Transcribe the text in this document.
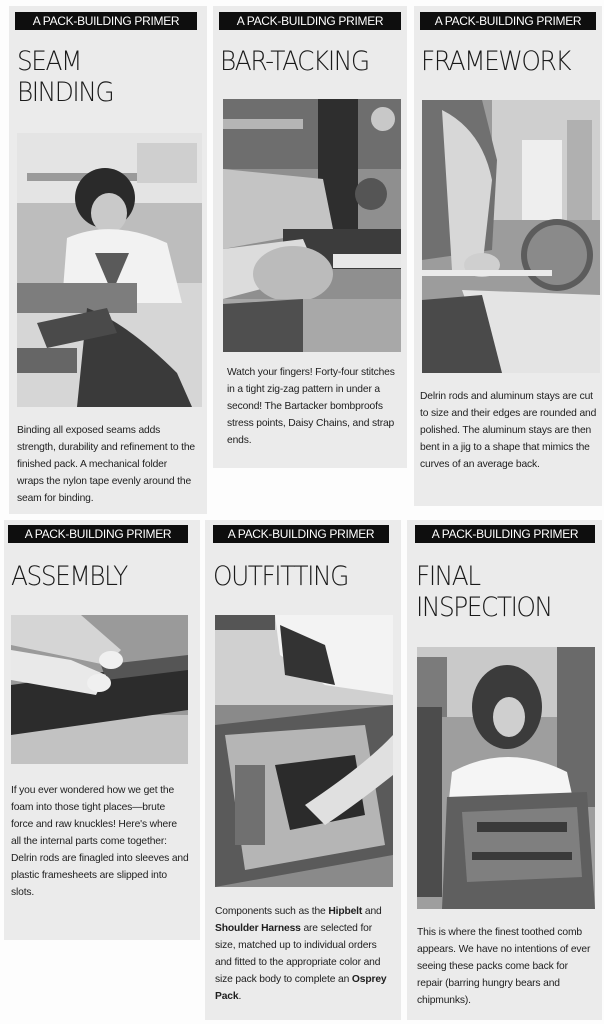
A PACK-BUILDING PRIMER
SEAM
BINDING
Binding all exposed seams adds strength, durability and refinement to the finished pack. A mechanical folder wraps the nylon tape evenly around the seam for binding.
A PACK-BUILDING PRIMER
BAR-TACKING
Watch your fingers! Forty-four stitches in a tight zig-zag pattern in under a second! The Bartacker bombproofs stress points, Daisy Chains, and strap ends.
A PACK-BUILDING PRIMER
FRAMEWORK
Delrin rods and aluminum stays are cut to size and their edges are rounded and polished. The aluminum stays are then bent in a jig to a shape that mimics the curves of an average back.
A PACK-BUILDING PRIMER
ASSEMBLY
If you ever wondered how we get the foam into those tight places—brute force and raw knuckles! Here's where all the internal parts come together: Delrin rods are finagled into sleeves and plastic framesheets are slipped into slots.
A PACK-BUILDING PRIMER
OUTFITTING
Components such as the Hipbelt and Shoulder Harness are selected for size, matched up to individual orders and fitted to the appropriate color and size pack body to complete an Osprey Pack.
A PACK-BUILDING PRIMER
FINAL
INSPECTION
This is where the finest toothed comb appears. We have no intentions of ever seeing these packs come back for repair (barring hungry bears and chipmunks).
